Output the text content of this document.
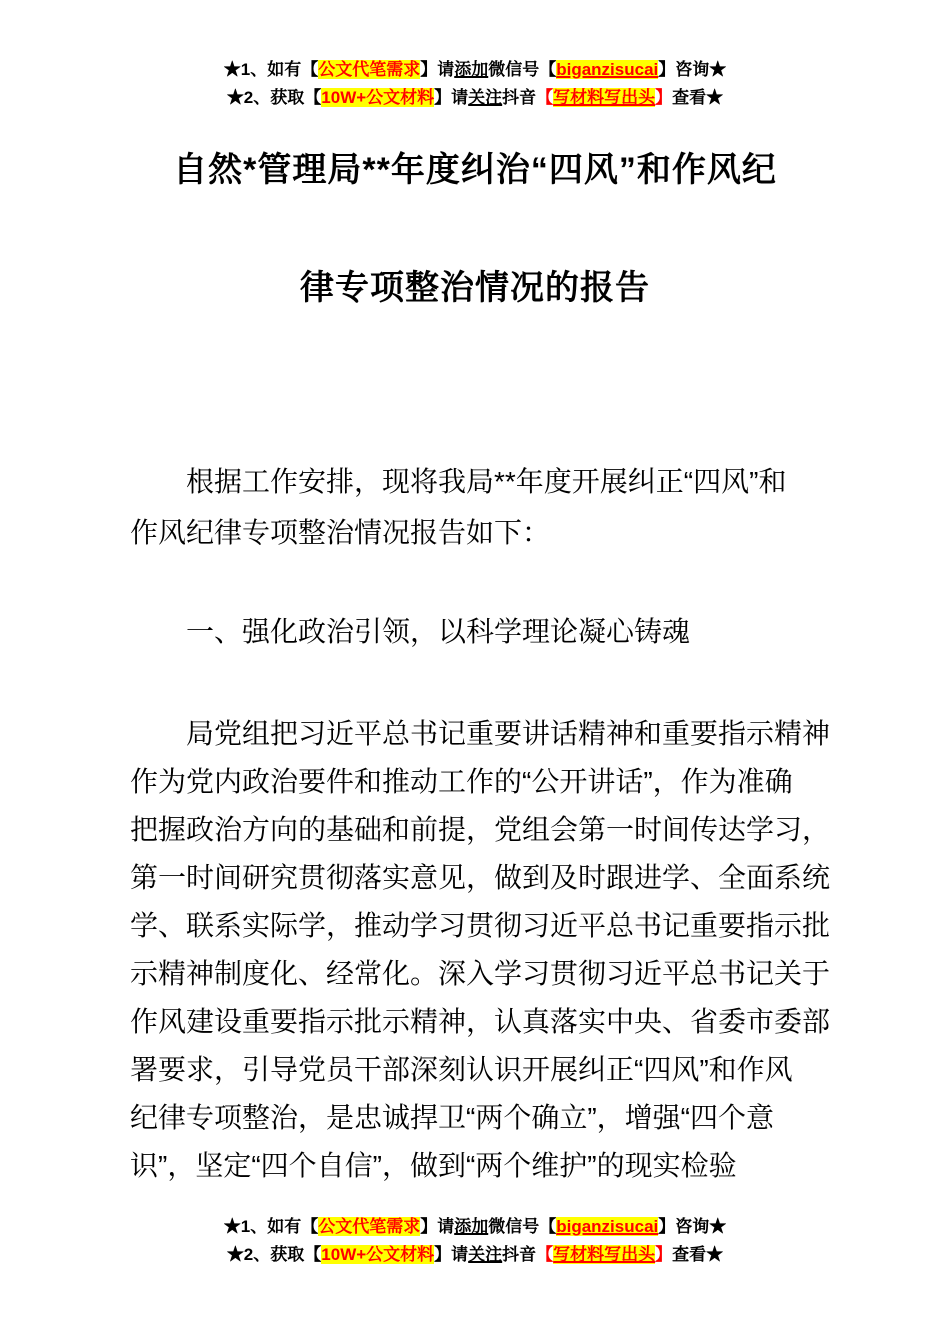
★1、如有【公文代笔需求】请添加微信号【biganzisucai】咨询★
★2、获取【10W+公文材料】请关注抖音【写材料写出头】查看★
自然*管理局**年度纠治“四风”和作风纪
律专项整治情况的报告
根据工作安排，现将我局**年度开展纠正“四风”和
作风纪律专项整治情况报告如下：
一、强化政治引领，以科学理论凝心铸魂
局党组把习近平总书记重要讲话精神和重要指示精神
作为党内政治要件和推动工作的“公开讲话”，作为准确
把握政治方向的基础和前提，党组会第一时间传达学习，
第一时间研究贯彻落实意见，做到及时跟进学、全面系统
学、联系实际学，推动学习贯彻习近平总书记重要指示批
示精神制度化、经常化。深入学习贯彻习近平总书记关于
作风建设重要指示批示精神，认真落实中央、省委市委部
署要求，引导党员干部深刻认识开展纠正“四风”和作风
纪律专项整治，是忠诚捍卫“两个确立”，增强“四个意
识”，坚定“四个自信”，做到“两个维护”的现实检验
★1、如有【公文代笔需求】请添加微信号【biganzisucai】咨询★
★2、获取【10W+公文材料】请关注抖音【写材料写出头】查看★
